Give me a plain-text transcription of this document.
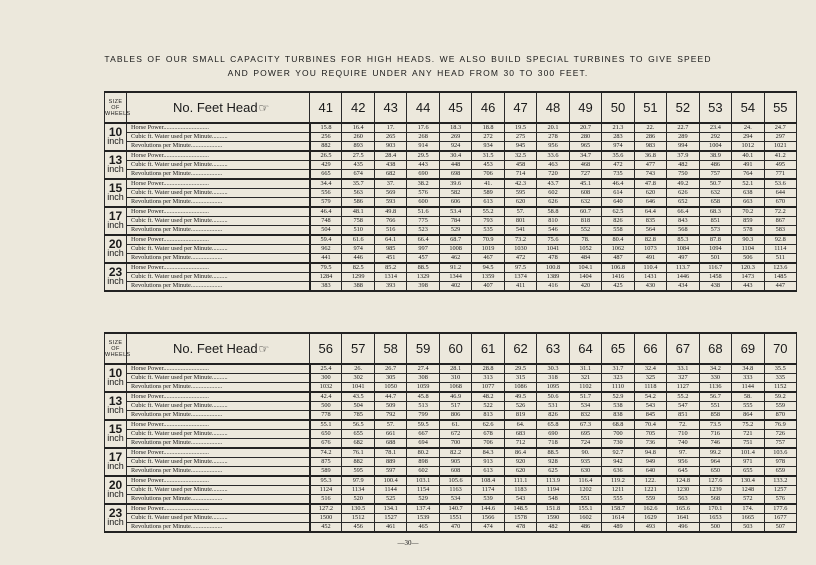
TABLES OF OUR SMALL CAPACITY TURBINES FOR HIGH HEADS. WE ALSO BUILD SPECIAL TURBINES TO GIVE SPEED
AND POWER YOU REQUIRE UNDER ANY HEAD FROM 30 TO 300 FEET.
SIZE OF WHEELS	No. Feet Head☞	41	42	43	44	45	46	47	48	49	50	51	52	53	54	55

10
inch	Horse Power.............................	15.8	16.4	17.	17.6	18.3	18.8	19.5	20.1	20.7	21.3	22.	22.7	23.4	24.	24.7
	Cubic ft. Water used per Minute..........	256	260	265	268	269	272	275	278	280	283	286	289	292	294	297
	Revolutions per Minute....................	882	893	903	914	924	934	945	956	965	974	983	994	1004	1012	1021

13
inch	Horse Power.............................	26.5	27.5	28.4	29.5	30.4	31.5	32.5	33.6	34.7	35.6	36.8	37.9	38.9	40.1	41.2
	Cubic ft. Water used per Minute..........	429	435	438	443	448	453	458	463	468	472	477	482	486	491	495
	Revolutions per Minute....................	665	674	682	690	698	706	714	720	727	735	743	750	757	764	771

15
inch	Horse Power.............................	34.4	35.7	37.	38.2	39.6	41.	42.3	43.7	45.1	46.4	47.8	49.2	50.7	52.1	53.6
	Cubic ft. Water used per Minute..........	556	563	569	576	582	589	595	602	608	614	620	626	632	638	644
	Revolutions per Minute....................	579	586	593	600	606	613	620	626	632	640	646	652	658	663	670

17
inch	Horse Power.............................	46.4	48.1	49.8	51.6	53.4	55.2	57.	58.8	60.7	62.5	64.4	66.4	68.3	70.2	72.2
	Cubic ft. Water used per Minute..........	748	758	766	775	784	793	801	810	818	826	835	843	851	859	867
	Revolutions per Minute....................	504	510	516	523	529	535	541	546	552	558	564	568	573	578	583

20
inch	Horse Power.............................	59.4	61.6	64.1	66.4	68.7	70.9	73.2	75.6	78.	80.4	82.8	85.3	87.8	90.3	92.8
	Cubic ft. Water used per Minute..........	962	974	985	997	1008	1019	1030	1041	1052	1062	1073	1084	1094	1104	1114
	Revolutions per Minute....................	441	446	451	457	462	467	472	478	484	487	491	497	501	506	511

23
inch	Horse Power.............................	79.5	82.5	85.2	88.5	91.2	94.5	97.5	100.8	104.1	106.8	110.4	113.7	116.7	120.3	123.6
	Cubic ft. Water used per Minute..........	1284	1299	1314	1329	1344	1359	1374	1389	1404	1416	1431	1446	1458	1473	1485
	Revolutions per Minute....................	383	388	393	398	402	407	411	416	420	425	430	434	438	443	447
SIZE OF WHEELS	No. Feet Head☞	56	57	58	59	60	61	62	63	64	65	66	67	68	69	70

10
inch	Horse Power.............................	25.4	26.	26.7	27.4	28.1	28.8	29.5	30.3	31.1	31.7	32.4	33.1	34.2	34.8	35.5
	Cubic ft. Water used per Minute..........	300	302	305	308	310	313	315	318	321	323	325	327	330	333	335
	Revolutions per Minute....................	1032	1041	1050	1059	1068	1077	1086	1095	1102	1110	1118	1127	1136	1144	1152

13
inch	Horse Power.............................	42.4	43.5	44.7	45.8	46.9	48.2	49.5	50.6	51.7	52.9	54.2	55.2	56.7	58.	59.2
	Cubic ft. Water used per Minute..........	500	504	509	513	517	522	526	531	534	538	543	547	551	555	559
	Revolutions per Minute....................	778	785	792	799	806	813	819	826	832	838	845	851	858	864	870

15
inch	Horse Power.............................	55.1	56.5	57.	59.5	61.	62.6	64.	65.8	67.3	68.8	70.4	72.	73.5	75.2	76.9
	Cubic ft. Water used per Minute..........	650	655	661	667	672	678	683	690	695	700	705	710	716	721	726
	Revolutions per Minute....................	676	682	688	694	700	706	712	718	724	730	736	740	746	751	757

17
inch	Horse Power.............................	74.2	76.1	78.1	80.2	82.2	84.3	86.4	88.5	90.	92.7	94.8	97.	99.2	101.4	103.6
	Cubic ft. Water used per Minute..........	875	882	889	898	905	913	920	928	935	942	949	956	964	971	978
	Revolutions per Minute....................	589	595	597	602	608	613	620	625	630	636	640	645	650	655	659

20
inch	Horse Power.............................	95.3	97.9	100.4	103.1	105.6	108.4	111.1	113.9	116.4	119.2	122.	124.8	127.6	130.4	133.2
	Cubic ft. Water used per Minute..........	1124	1134	1144	1154	1163	1174	1183	1194	1202	1211	1221	1230	1239	1248	1257
	Revolutions per Minute....................	516	520	525	529	534	539	543	548	551	555	559	563	568	572	576

23
inch	Horse Power.............................	127.2	130.5	134.1	137.4	140.7	144.6	148.5	151.8	155.1	158.7	162.6	165.6	170.1	174.	177.6
	Cubic ft. Water used per Minute..........	1500	1512	1527	1539	1551	1566	1578	1590	1602	1614	1629	1641	1653	1665	1677
	Revolutions per Minute....................	452	456	461	465	470	474	478	482	486	489	493	496	500	503	507
—30—
